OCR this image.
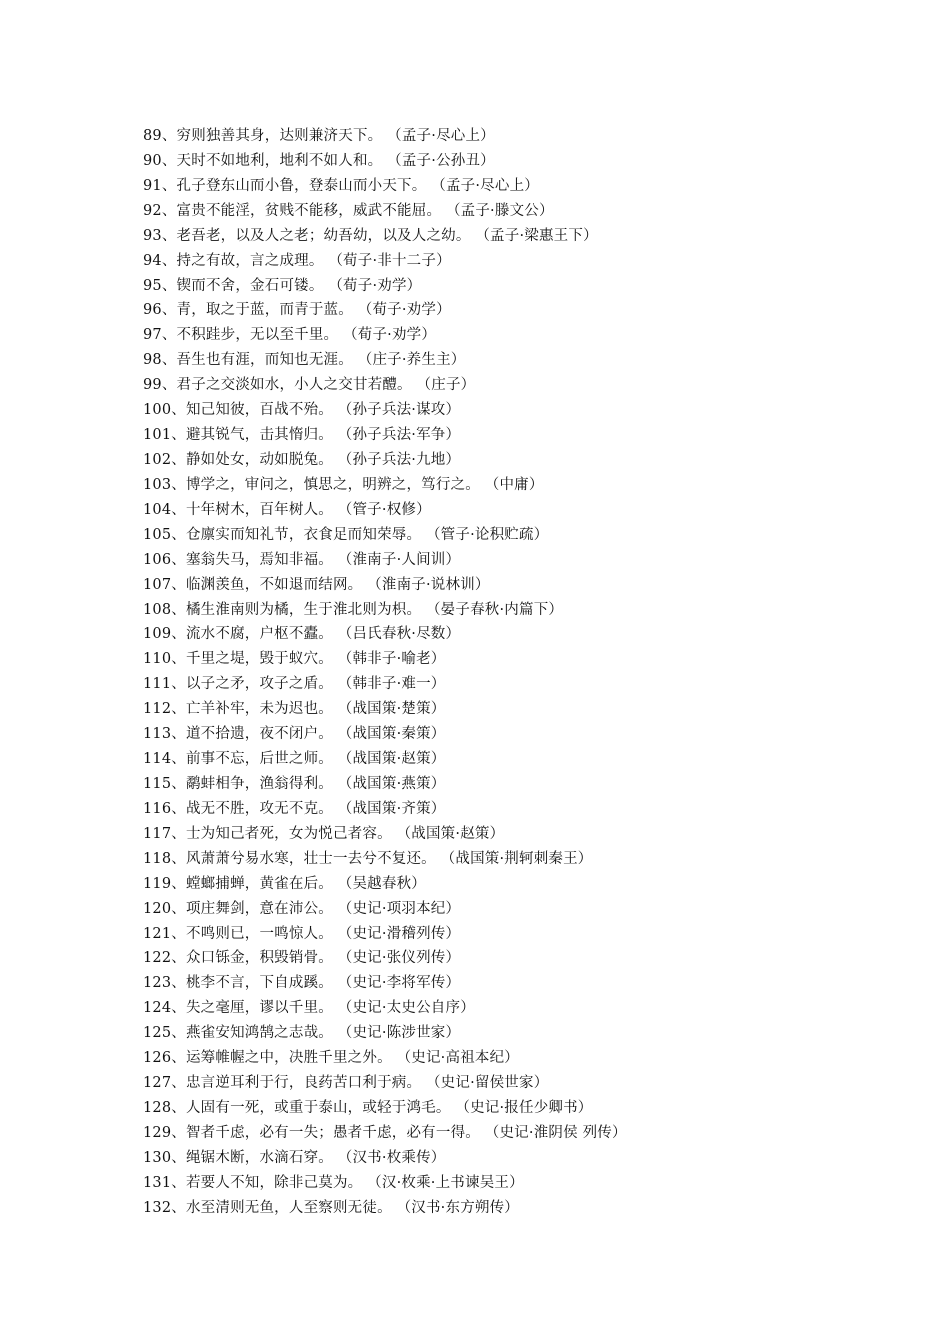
89、穷则独善其身，达则兼济天下。 （孟子·尽心上）
90、天时不如地利，地利不如人和。 （孟子·公孙丑）
91、孔子登东山而小鲁，登泰山而小天下。 （孟子·尽心上）
92、富贵不能淫，贫贱不能移，威武不能屈。 （孟子·滕文公）
93、老吾老，以及人之老；幼吾幼，以及人之幼。 （孟子·梁惠王下）
94、持之有故，言之成理。 （荀子·非十二子）
95、锲而不舍，金石可镂。 （荀子·劝学）
96、青，取之于蓝，而青于蓝。 （荀子·劝学）
97、不积跬步，无以至千里。 （荀子·劝学）
98、吾生也有涯，而知也无涯。 （庄子·养生主）
99、君子之交淡如水，小人之交甘若醴。 （庄子）
100、知己知彼，百战不殆。 （孙子兵法·谋攻）
101、避其锐气，击其惰归。 （孙子兵法·军争）
102、静如处女，动如脱兔。 （孙子兵法·九地）
103、博学之，审问之，慎思之，明辨之，笃行之。 （中庸）
104、十年树木，百年树人。 （管子·权修）
105、仓廪实而知礼节，衣食足而知荣辱。 （管子·论积贮疏）
106、塞翁失马，焉知非福。 （淮南子·人间训）
107、临渊羡鱼，不如退而结网。 （淮南子·说林训）
108、橘生淮南则为橘，生于淮北则为枳。 （晏子春秋·内篇下）
109、流水不腐，户枢不蠹。 （吕氏春秋·尽数）
110、千里之堤，毁于蚁穴。 （韩非子·喻老）
111、以子之矛，攻子之盾。 （韩非子·难一）
112、亡羊补牢，未为迟也。 （战国策·楚策）
113、道不拾遗，夜不闭户。 （战国策·秦策）
114、前事不忘，后世之师。 （战国策·赵策）
115、鹬蚌相争，渔翁得利。 （战国策·燕策）
116、战无不胜，攻无不克。 （战国策·齐策）
117、士为知己者死，女为悦己者容。 （战国策·赵策）
118、风萧萧兮易水寒，壮士一去兮不复还。 （战国策·荆轲刺秦王）
119、螳螂捕蝉，黄雀在后。 （吴越春秋）
120、项庄舞剑，意在沛公。 （史记·项羽本纪）
121、不鸣则已，一鸣惊人。 （史记·滑稽列传）
122、众口铄金，积毁销骨。 （史记·张仪列传）
123、桃李不言，下自成蹊。 （史记·李将军传）
124、失之毫厘，谬以千里。 （史记·太史公自序）
125、燕雀安知鸿鹄之志哉。 （史记·陈涉世家）
126、运筹帷幄之中，决胜千里之外。 （史记·高祖本纪）
127、忠言逆耳利于行，良药苦口利于病。 （史记·留侯世家）
128、人固有一死，或重于泰山，或轻于鸿毛。 （史记·报任少卿书）
129、智者千虑，必有一失；愚者千虑，必有一得。 （史记·淮阴侯 列传）
130、绳锯木断，水滴石穿。 （汉书·枚乘传）
131、若要人不知，除非己莫为。 （汉·枚乘·上书谏吴王）
132、水至清则无鱼，人至察则无徒。 （汉书·东方朔传）
